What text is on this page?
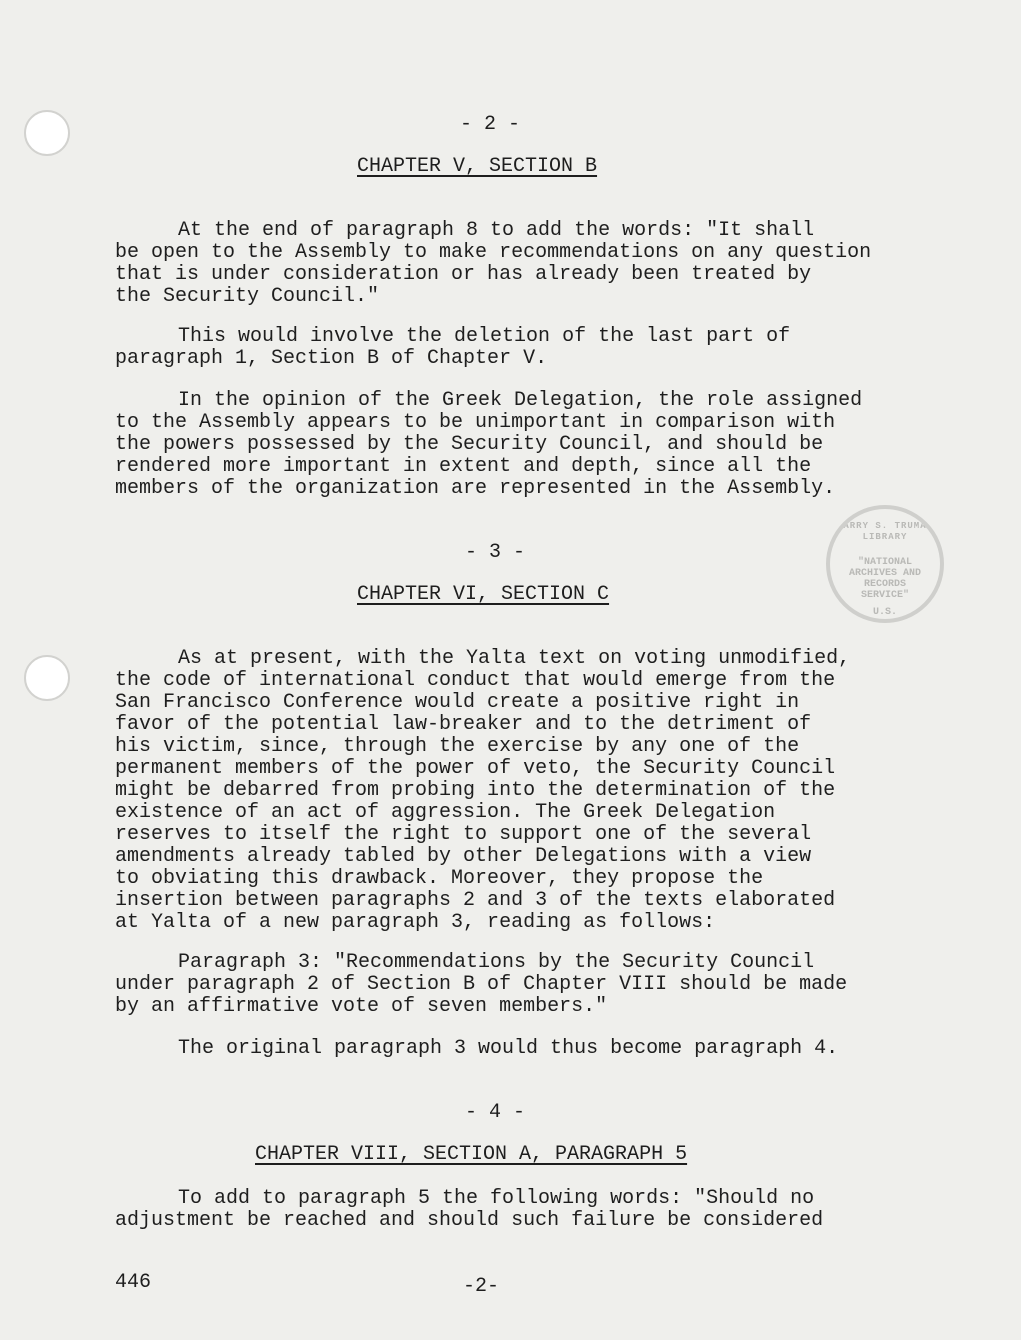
HARRY S. TRUMAN LIBRARY
"NATIONAL
ARCHIVES AND
RECORDS
SERVICE"
U.S.

- 2 -

CHAPTER V, SECTION B

At the end of paragraph 8 to add the words: "It shall

be open to the Assembly to make recommendations on any question

that is under consideration or has already been treated by

the Security Council."

This would involve the deletion of the last part of

paragraph 1, Section B of Chapter V.

In the opinion of the Greek Delegation, the role assigned

to the Assembly appears to be unimportant in comparison with

the powers possessed by the Security Council, and should be

rendered more important in extent and depth, since all the

members of the organization are represented in the Assembly.

- 3 -

CHAPTER VI, SECTION C

As at present, with the Yalta text on voting unmodified,

the code of international conduct that would emerge from the

San Francisco Conference would create a positive right in

favor of the potential law-breaker and to the detriment of

his victim, since, through the exercise by any one of the

permanent members of the power of veto, the Security Council

might be debarred from probing into the determination of the

existence of an act of aggression. The Greek Delegation

reserves to itself the right to support one of the several

amendments already tabled by other Delegations with a view

to obviating this drawback. Moreover, they propose the

insertion between paragraphs 2 and 3 of the texts elaborated

at Yalta of a new paragraph 3, reading as follows:

Paragraph 3: "Recommendations by the Security Council

under paragraph 2 of Section B of Chapter VIII should be made

by an affirmative vote of seven members."

The original paragraph 3 would thus become paragraph 4.

- 4 -

CHAPTER VIII, SECTION A, PARAGRAPH 5

To add to paragraph 5 the following words: "Should no

adjustment be reached and should such failure be considered

446	-2-
